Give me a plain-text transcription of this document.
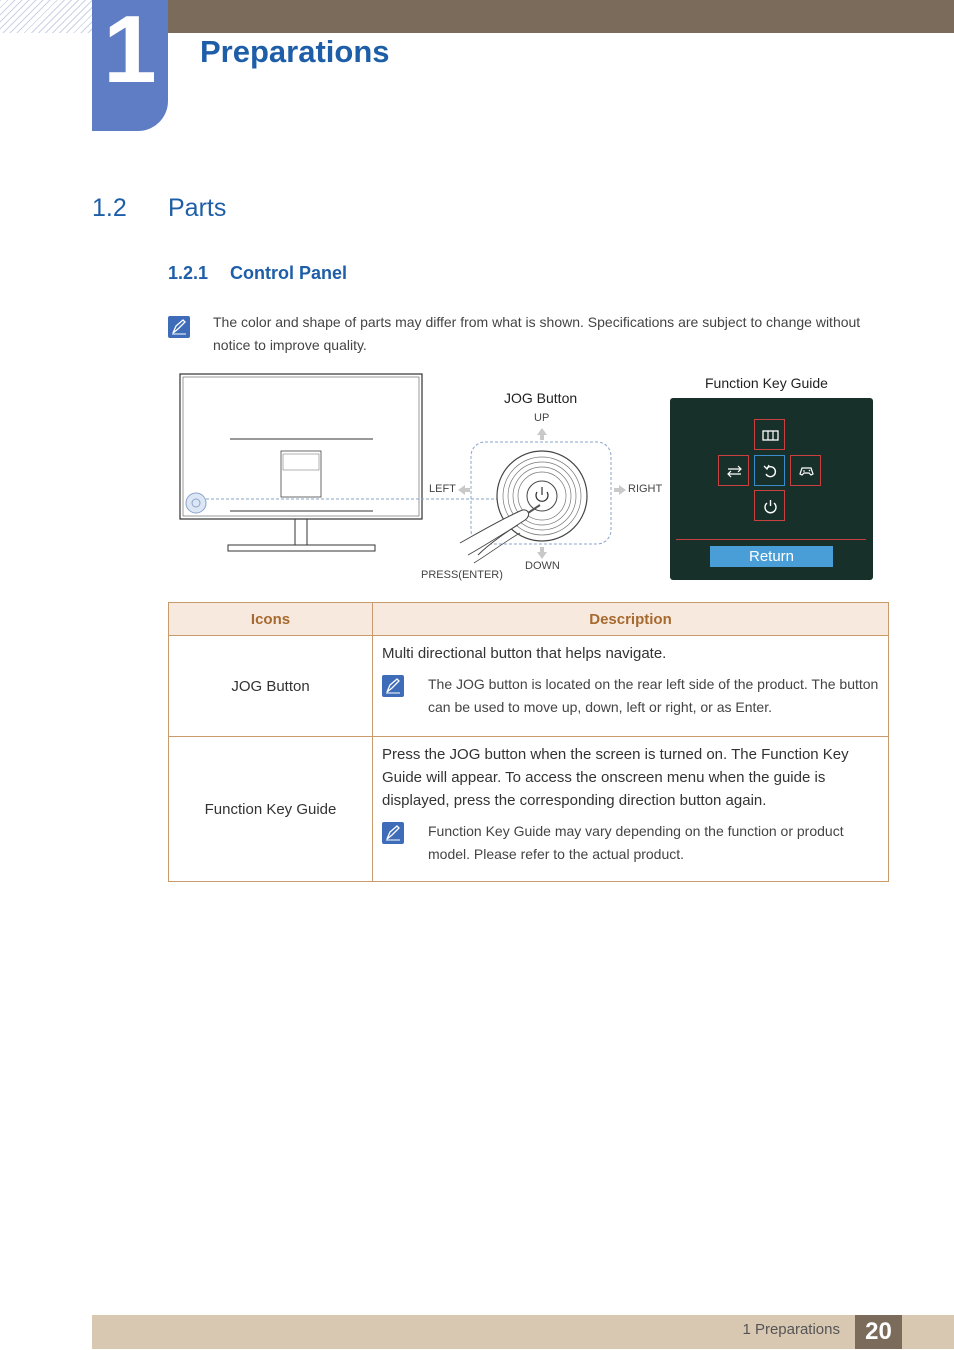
1	Preparations
1.2 Parts
1.2.1 Control Panel
The color and shape of parts may differ from what is shown. Specifications are subject to change without notice to improve quality.
JOG Button
Function Key Guide
UP
DOWN
LEFT	RIGHT
PRESS(ENTER)
Return
Icons	Description
JOG Button	Multi directional button that helps navigate.
The JOG button is located on the rear left side of the product. The button can be used to move up, down, left or right, or as Enter.

Function Key Guide	Press the JOG button when the screen is turned on. The Function Key Guide will appear. To access the onscreen menu when the guide is displayed, press the corresponding direction button again.
Function Key Guide may vary depending on the function or product model. Please refer to the actual product.
1 Preparations	20
